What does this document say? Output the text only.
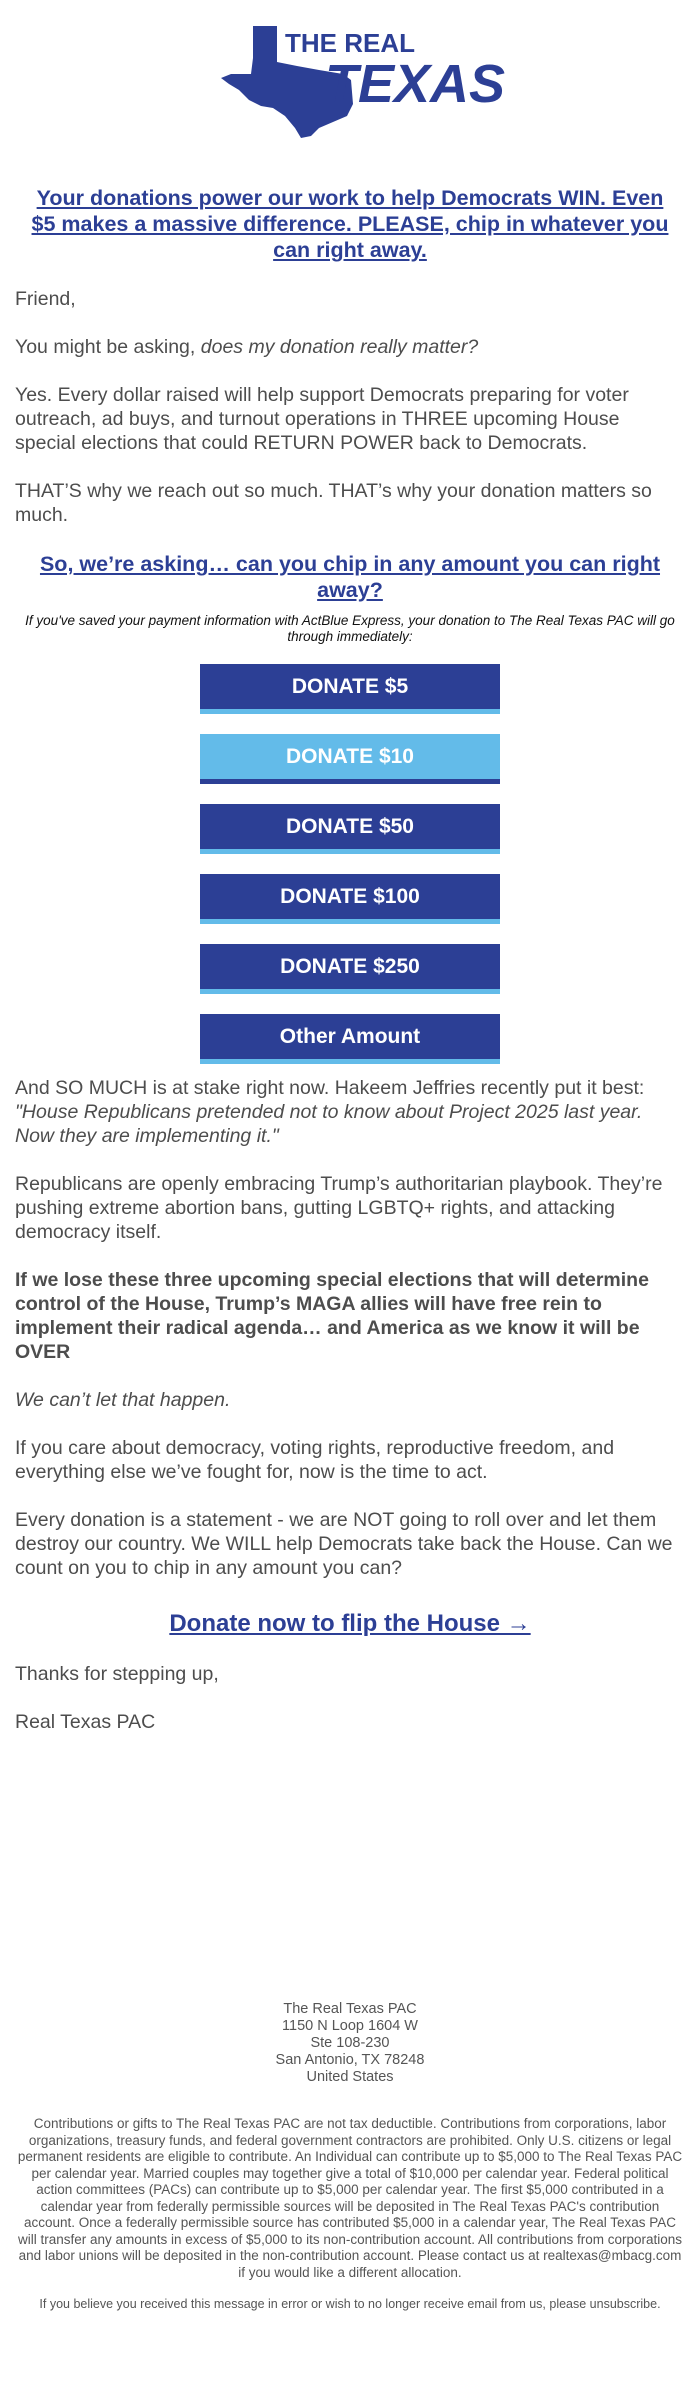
THE REAL
TEXAS
Your donations power our work to help Democrats WIN. Even $5 makes a massive difference. PLEASE, chip in whatever you can right away.

Friend,

You might be asking, does my donation really matter?

Yes. Every dollar raised will help support Democrats preparing for voter outreach, ad buys, and turnout operations in THREE upcoming House special elections that could RETURN POWER back to Democrats.

THAT’S why we reach out so much. THAT’s why your donation matters so much.

So, we’re asking… can you chip in any amount you can right away?
If you've saved your payment information with ActBlue Express, your donation to The Real Texas PAC will go through immediately:
DONATE $5
DONATE $10
DONATE $50
DONATE $100
DONATE $250
Other Amount

And SO MUCH is at stake right now. Hakeem Jeffries recently put it best: "House Republicans pretended not to know about Project 2025 last year. Now they are implementing it."

Republicans are openly embracing Trump’s authoritarian playbook. They’re pushing extreme abortion bans, gutting LGBTQ+ rights, and attacking democracy itself.

If we lose these three upcoming special elections that will determine control of the House, Trump’s MAGA allies will have free rein to implement their radical agenda… and America as we know it will be OVER

We can’t let that happen.

If you care about democracy, voting rights, reproductive freedom, and everything else we’ve fought for, now is the time to act.

Every donation is a statement - we are NOT going to roll over and let them destroy our country. We WILL help Democrats take back the House. Can we count on you to chip in any amount you can?

Donate now to flip the House →

Thanks for stepping up,

Real Texas PAC

The Real Texas PAC
1150 N Loop 1604 W
Ste 108-230
San Antonio, TX 78248
United States
Contributions or gifts to The Real Texas PAC are not tax deductible. Contributions from corporations, labor organizations, treasury funds, and federal government contractors are prohibited. Only U.S. citizens or legal permanent residents are eligible to contribute. An Individual can contribute up to $5,000 to The Real Texas PAC per calendar year. Married couples may together give a total of $10,000 per calendar year. Federal political action committees (PACs) can contribute up to $5,000 per calendar year. The first $5,000 contributed in a calendar year from federally permissible sources will be deposited in The Real Texas PAC's contribution account. Once a federally permissible source has contributed $5,000 in a calendar year, The Real Texas PAC will transfer any amounts in excess of $5,000 to its non-contribution account. All contributions from corporations and labor unions will be deposited in the non-contribution account. Please contact us at realtexas@mbacg.com if you would like a different allocation.
If you believe you received this message in error or wish to no longer receive email from us, please unsubscribe.
